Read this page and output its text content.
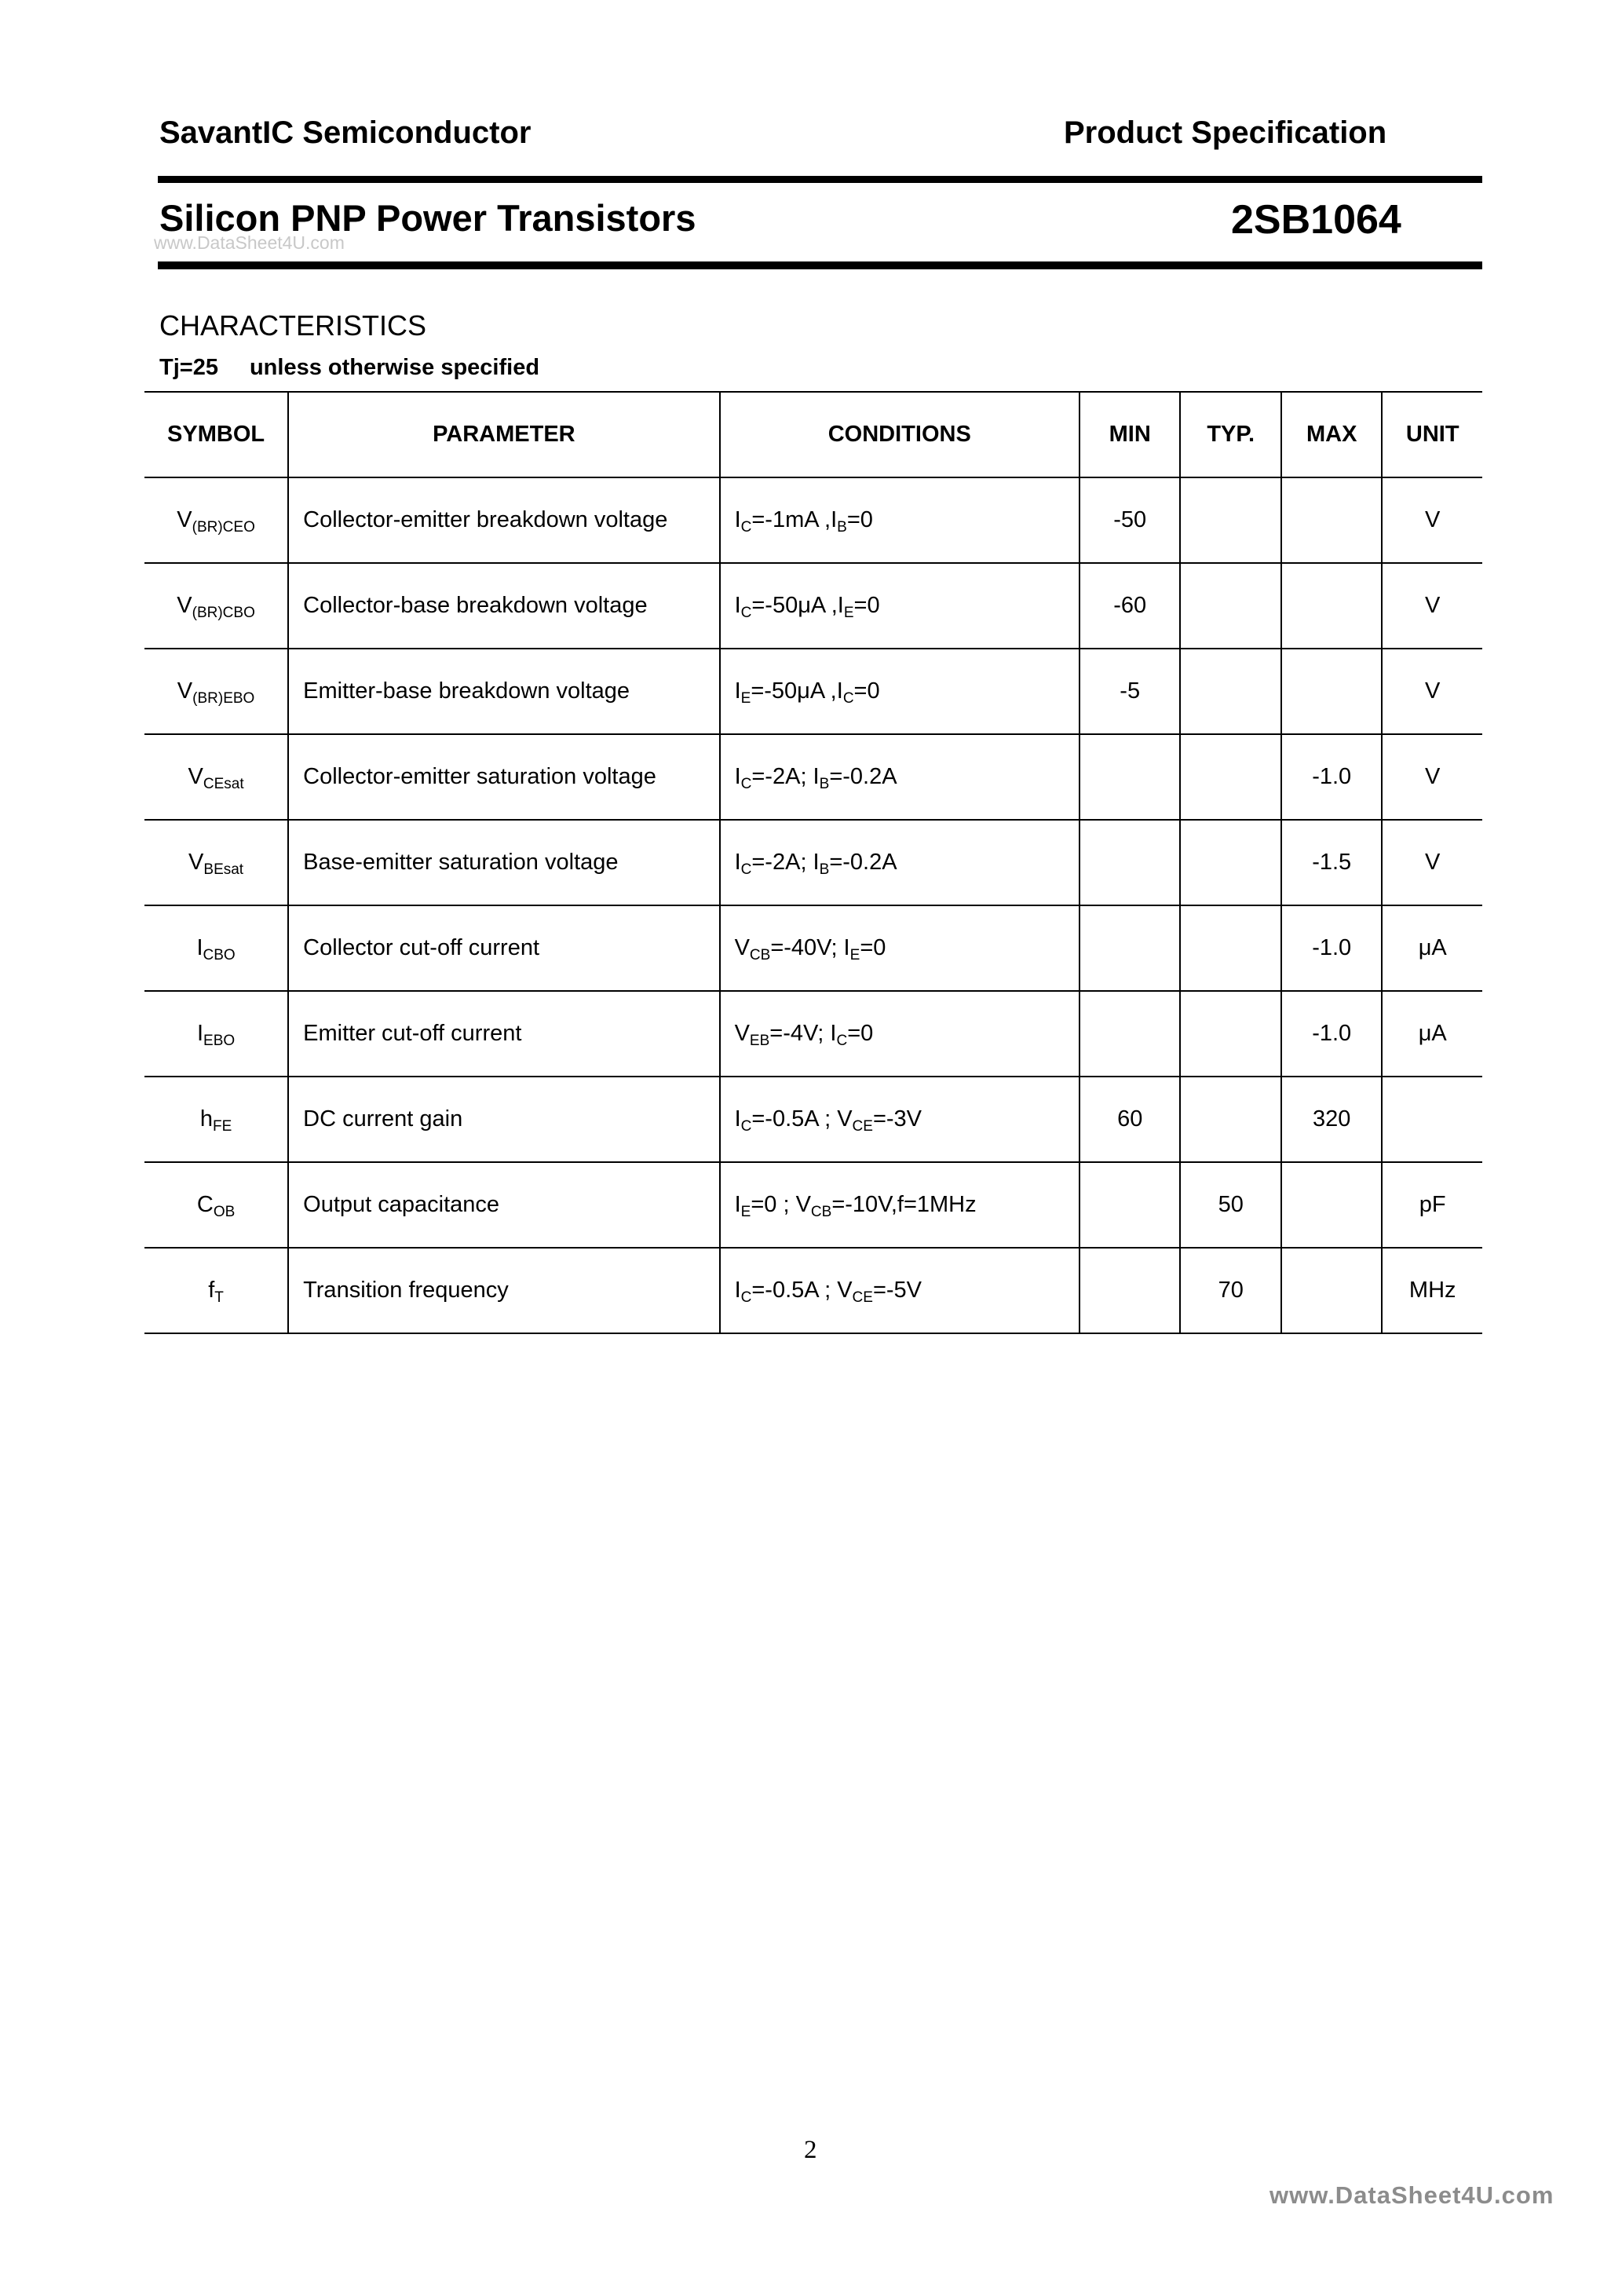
SavantIC Semiconductor	Product Specification
Silicon PNP Power Transistors
www.DataSheet4U.com	2SB1064
CHARACTERISTICS
Tj=25 unless otherwise specified
SYMBOL	PARAMETER	CONDITIONS	MIN	TYP.	MAX	UNIT
$V_{(BR)CEO}$	Collector-emitter breakdown voltage	$I_C=-1mA$ $,I_B=0$	-50			V
$V_{(BR)CBO}$	Collector-base breakdown voltage	$I_C=-50\mu A$ $,I_E=0$	-60			V
$V_{(BR)EBO}$	Emitter-base breakdown voltage	$I_E=-50\mu A$ $,I_C=0$	-5			V
$V_{CEsat}$	Collector-emitter saturation voltage	$I_C=-2A$; $I_B=-0.2A$			-1.0	V
$V_{BEsat}$	Base-emitter saturation voltage	$I_C=-2A$; $I_B=-0.2A$			-1.5	V
$I_{CBO}$	Collector cut-off current	$V_{CB}=-40V$; $I_E=0$			-1.0	μA
$I_{EBO}$	Emitter cut-off current	$V_{EB}=-4V$; $I_C=0$			-1.0	μA
$h_{FE}$	DC current gain	$I_C=-0.5A$ ; $V_{CE}=-3V$	60		320	
$C_{OB}$	Output capacitance	$I_E=0$ ; $V_{CB}=-10V,f=1MHz$		50		pF
$f_T$	Transition frequency	$I_C=-0.5A$ ; $V_{CE}=-5V$		70		MHz
2
www.DataSheet4U.com
